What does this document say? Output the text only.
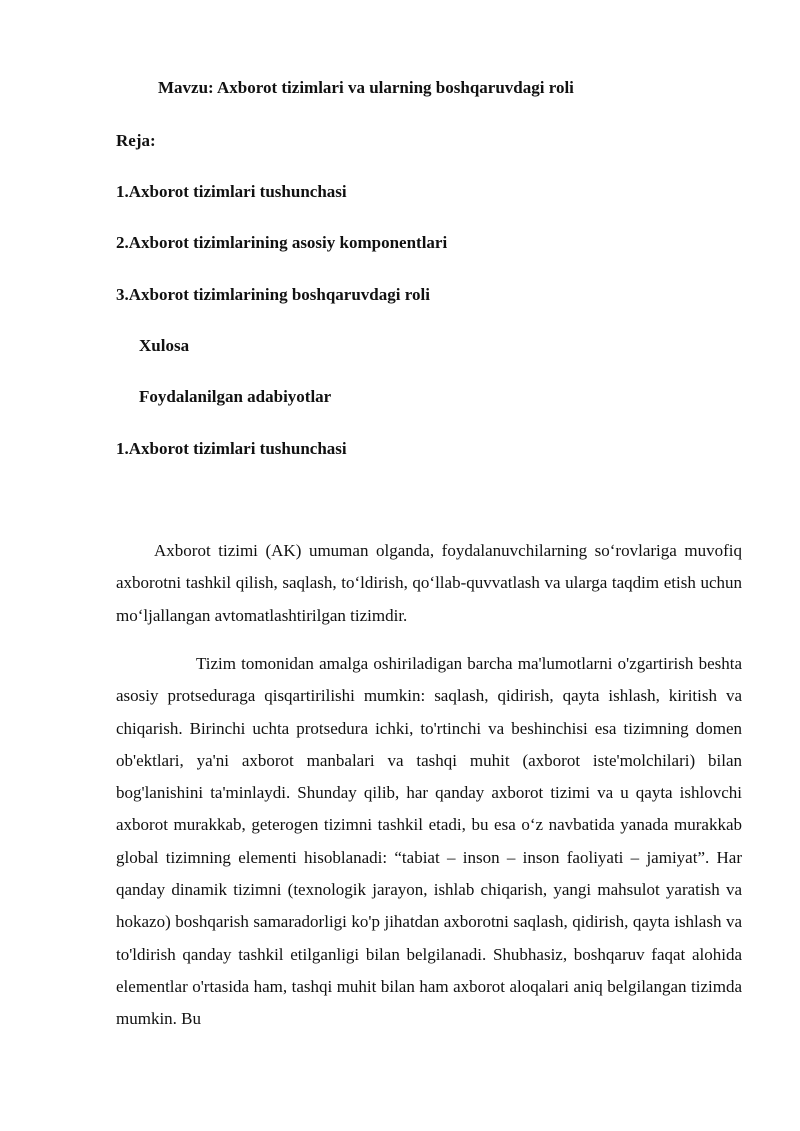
Mavzu: Axborot tizimlari va ularning boshqaruvdagi roli
Reja:
1.Axborot tizimlari tushunchasi
2.Axborot tizimlarining asosiy komponentlari
3.Axborot tizimlarining boshqaruvdagi roli
Xulosa
Foydalanilgan adabiyotlar
1.Axborot tizimlari tushunchasi

Axborot tizimi (AK) umuman olganda, foydalanuvchilarning so‘rovlariga muvofiq axborotni tashkil qilish, saqlash, to‘ldirish, qo‘llab-quvvatlash va ularga taqdim etish uchun mo‘ljallangan avtomatlashtirilgan tizimdir.

Tizim tomonidan amalga oshiriladigan barcha ma'lumotlarni o'zgartirish beshta asosiy protseduraga qisqartirilishi mumkin: saqlash, qidirish, qayta ishlash, kiritish va chiqarish. Birinchi uchta protsedura ichki, to'rtinchi va beshinchisi esa tizimning domen ob'ektlari, ya'ni axborot manbalari va tashqi muhit (axborot iste'molchilari) bilan bog'lanishini ta'minlaydi. Shunday qilib, har qanday axborot tizimi va u qayta ishlovchi axborot murakkab, geterogen tizimni tashkil etadi, bu esa o‘z navbatida yanada murakkab global tizimning elementi hisoblanadi: “tabiat – inson – inson faoliyati – jamiyat”. Har qanday dinamik tizimni (texnologik jarayon, ishlab chiqarish, yangi mahsulot yaratish va hokazo) boshqarish samaradorligi ko'p jihatdan axborotni saqlash, qidirish, qayta ishlash va to'ldirish qanday tashkil etilganligi bilan belgilanadi. Shubhasiz, boshqaruv faqat alohida elementlar o'rtasida ham, tashqi muhit bilan ham axborot aloqalari aniq belgilangan tizimda mumkin. Bu
